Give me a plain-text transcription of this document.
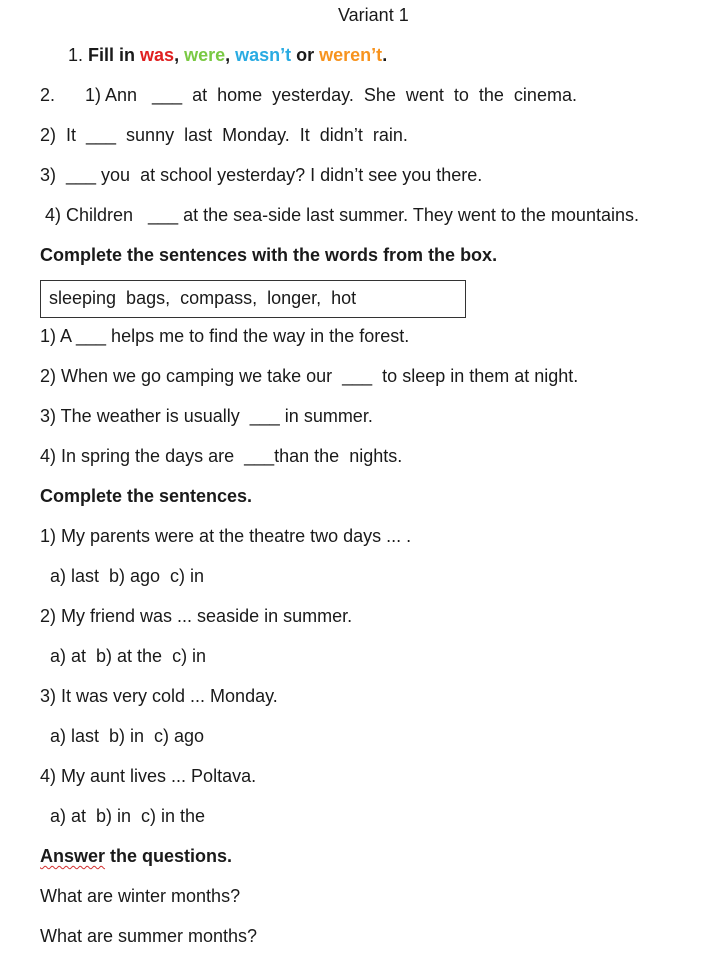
Variant 1
1. Fill in was, were, wasn’t or weren’t.
2.      1) Ann   ___  at  home  yesterday.  She  went  to  the  cinema.
2)  It  ___  sunny  last  Monday.  It  didn’t  rain.
3)  ___ you  at school yesterday? I didn’t see you there.
4) Children   ___ at the sea-side last summer. They went to the mountains.
Complete the sentences with the words from the box.
sleeping  bags,  compass,  longer,  hot
1) A ___ helps me to find the way in the forest.
2) When we go camping we take our  ___  to sleep in them at night.
3) The weather is usually  ___ in summer.
4) In spring the days are  ___than the  nights.
Complete the sentences.
1) My parents were at the theatre two days ... .
a) last  b) ago  c) in
2) My friend was ... seaside in summer.
a) at  b) at the  c) in
3) It was very cold ... Monday.
a) last  b) in  c) ago
4) My aunt lives ... Poltava.
a) at  b) in  c) in the
Answer the questions.
What are winter months?
What are summer months?
